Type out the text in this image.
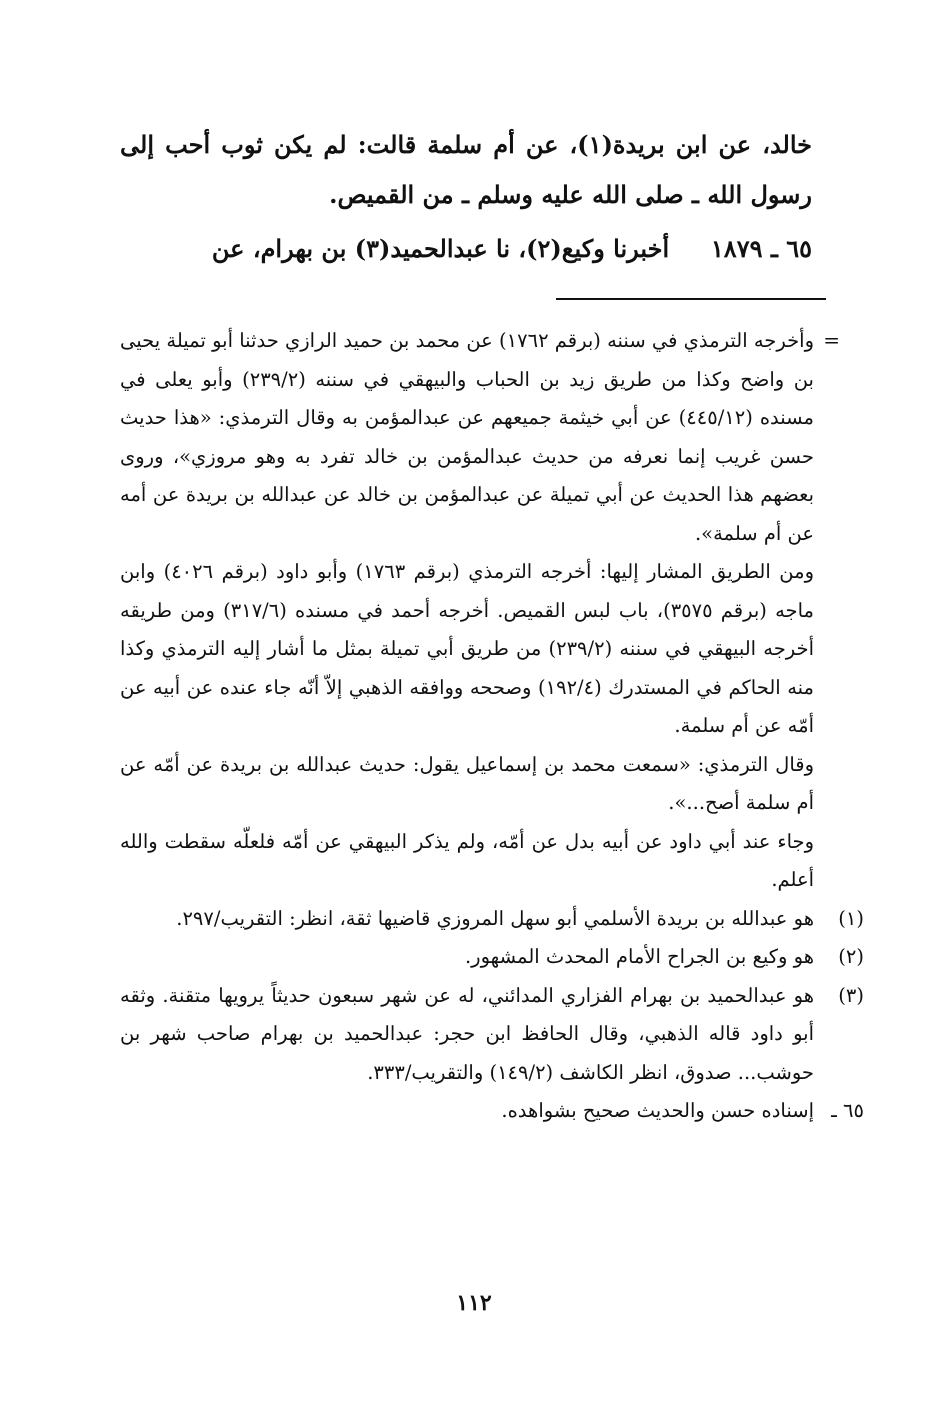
خالد، عن ابن بريدة(١)، عن أم سلمة قالت: لم يكن ثوب أحب إلى رسول الله ـ صلى الله عليه وسلم ـ من القميص.

٦٥ ـ ١٨٧٩     أخبرنا وكيع(٢)، نا عبدالحميد(٣) بن بهرام، عن

=

وأخرجه الترمذي في سننه (برقم ١٧٦٢) عن محمد بن حميد الرازي حدثنا أبو تميلة يحيى بن واضح وكذا من طريق زيد بن الحباب والبيهقي في سننه (٢٣٩/٢) وأبو يعلى في مسنده (٤٤٥/١٢) عن أبي خيثمة جميعهم عن عبدالمؤمن به وقال الترمذي: «هذا حديث حسن غريب إنما نعرفه من حديث عبدالمؤمن بن خالد تفرد به وهو مروزي»، وروى بعضهم هذا الحديث عن أبي تميلة عن عبدالمؤمن بن خالد عن عبدالله بن بريدة عن أمه عن أم سلمة».

ومن الطريق المشار إليها: أخرجه الترمذي (برقم ١٧٦٣) وأبو داود (برقم ٤٠٢٦) وابن ماجه (برقم ٣٥٧٥)، باب لبس القميص. أخرجه أحمد في مسنده (٣١٧/٦) ومن طريقه أخرجه البيهقي في سننه (٢٣٩/٢) من طريق أبي تميلة بمثل ما أشار إليه الترمذي وكذا منه الحاكم في المستدرك (١٩٢/٤) وصححه ووافقه الذهبي إلاّ أنّه جاء عنده عن أبيه عن أمّه عن أم سلمة.

وقال الترمذي: «سمعت محمد بن إسماعيل يقول: حديث عبدالله بن بريدة عن أمّه عن أم سلمة أصح...».

وجاء عند أبي داود عن أبيه بدل عن أمّه، ولم يذكر البيهقي عن أمّه فلعلّه سقطت والله أعلم.

(١)
هو عبدالله بن بريدة الأسلمي أبو سهل المروزي قاضيها ثقة، انظر: التقريب/٢٩٧.
(٢)
هو وكيع بن الجراح الأمام المحدث المشهور.
(٣)
هو عبدالحميد بن بهرام الفزاري المدائني، له عن شهر سبعون حديثاً يرويها متقنة. وثقه أبو داود قاله الذهبي، وقال الحافظ ابن حجر: عبدالحميد بن بهرام صاحب شهر بن حوشب... صدوق، انظر الكاشف (١٤٩/٢) والتقريب/٣٣٣.
٦٥ ـ
إسناده حسن والحديث صحيح بشواهده.
١١٢
